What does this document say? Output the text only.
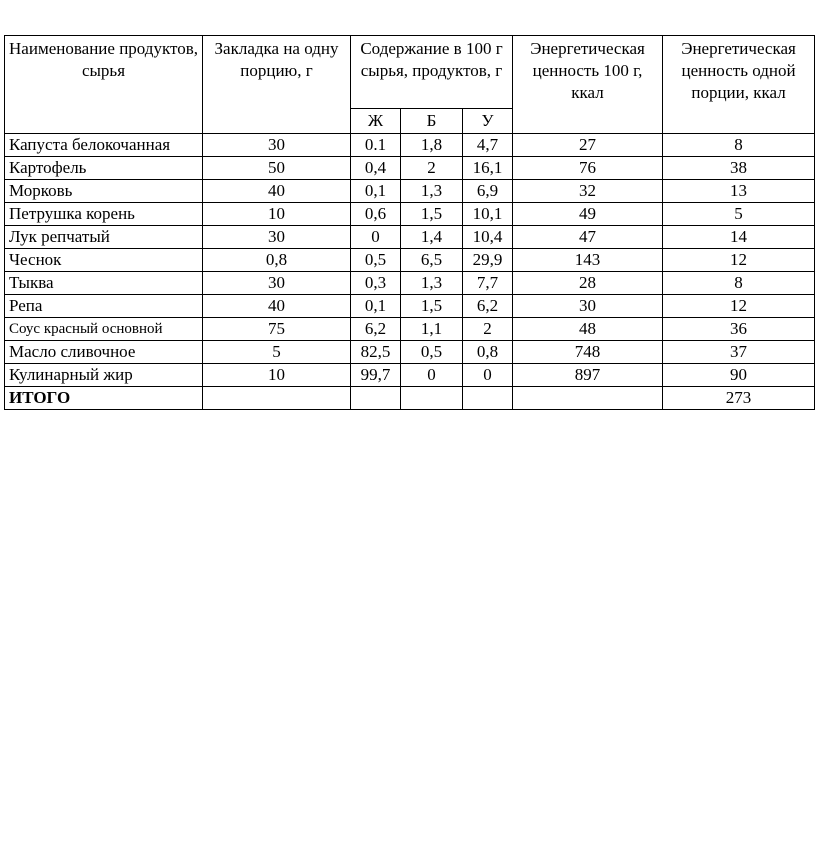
Наименование продуктов, сырья	Закладка на одну порцию, г	Содержание в 100 г сырья, продуктов, г			Энергетическая ценность 100 г, ккал	Энергетическая ценность одной порции, ккал
		Ж	Б	У		
Капуста белокочанная	30	0.1	1,8	4,7	27	8
Картофель	50	0,4	2	16,1	76	38
Морковь	40	0,1	1,3	6,9	32	13
Петрушка корень	10	0,6	1,5	10,1	49	5
Лук репчатый	30	0	1,4	10,4	47	14
Чеснок	0,8	0,5	6,5	29,9	143	12
Тыква	30	0,3	1,3	7,7	28	8
Репа	40	0,1	1,5	6,2	30	12
Соус красный основной	75	6,2	1,1	2	48	36
Масло сливочное	5	82,5	0,5	0,8	748	37
Кулинарный жир	10	99,7	0	0	897	90
ИТОГО						273
